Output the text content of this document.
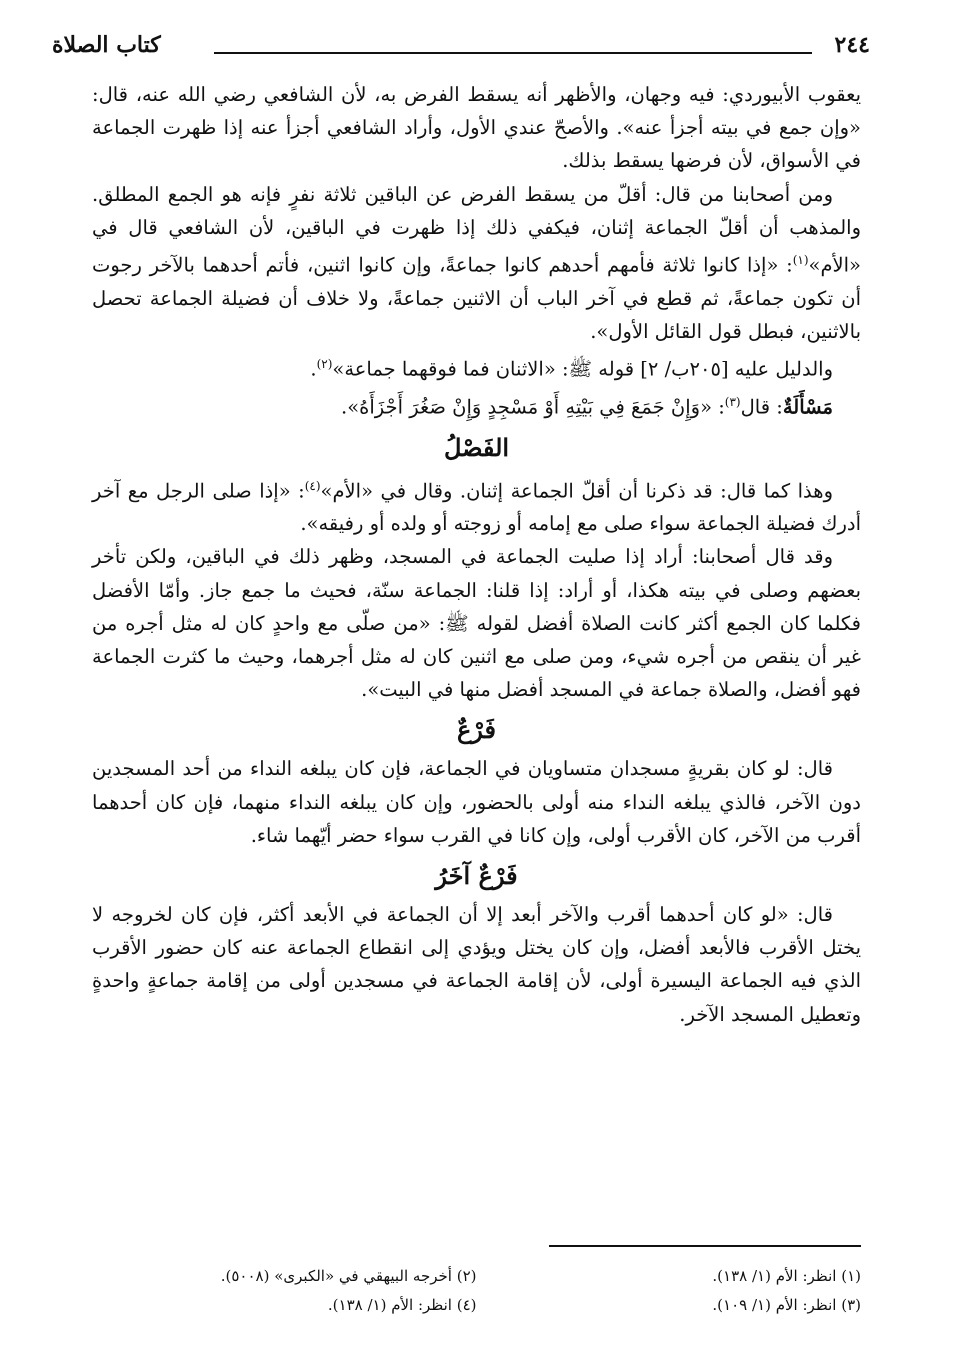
٢٤٤
كتاب الصلاة

يعقوب الأبيوردي: فيه وجهان، والأظهر أنه يسقط الفرض به، لأن الشافعي رضي الله عنه، قال: «وإن جمع في بيته أجزأ عنه». والأصحّ عندي الأول، وأراد الشافعي أجزأ عنه إذا ظهرت الجماعة في الأسواق، لأن فرضها يسقط بذلك.

ومن أصحابنا من قال: أقلّ من يسقط الفرض عن الباقين ثلاثة نفرٍ فإنه هو الجمع المطلق. والمذهب أن أقلّ الجماعة إثنان، فيكفي ذلك إذا ظهرت في الباقين، لأن الشافعي قال في «الأم»$^{(١)}$: «إذا كانوا ثلاثة فأمهم أحدهم كانوا جماعةً، وإن كانوا اثنين، فأتم أحدهما بالآخر رجوت أن تكون جماعةً، ثم قطع في آخر الباب أن الاثنين جماعةً، ولا خلاف أن فضيلة الجماعة تحصل بالاثنين، فبطل قول القائل الأول».

والدليل عليه [٢٠٥ب/ ٢] قوله ﷺ: «الاثنان فما فوقهما جماعة»$^{(٢)}$.

مَسْأَلَةٌ: قال$^{(٣)}$: «وَإِنْ جَمَعَ فِي بَيْتِهِ أَوْ مَسْجِدٍ وَإِنْ صَغُرَ أَجْزَأَهُ».

الفَصْلُ

وهذا كما قال: قد ذكرنا أن أقلّ الجماعة إثنان. وقال في «الأم»$^{(٤)}$: «إذا صلى الرجل مع آخر أدرك فضيلة الجماعة سواء صلى مع إمامه أو زوجته أو ولده أو رفيقه».

وقد قال أصحابنا: أراد إذا صليت الجماعة في المسجد، وظهر ذلك في الباقين، ولكن تأخر بعضهم وصلى في بيته هكذا، أو أراد: إذا قلنا: الجماعة سنّة، فحيث ما جمع جاز. وأمّا الأفضل فكلما كان الجمع أكثر كانت الصلاة أفضل لقوله ﷺ: «من صلّى مع واحدٍ كان له مثل أجره من غير أن ينقص من أجره شيء، ومن صلى مع اثنين كان له مثل أجرهما، وحيث ما كثرت الجماعة فهو أفضل، والصلاة جماعة في المسجد أفضل منها في البيت».

فَرْعٌ

قال: لو كان بقريةٍ مسجدان متساويان في الجماعة، فإن كان يبلغه النداء من أحد المسجدين دون الآخر، فالذي يبلغه النداء منه أولى بالحضور، وإن كان يبلغه النداء منهما، فإن كان أحدهما أقرب من الآخر، كان الأقرب أولى، وإن كانا في القرب سواء حضر أيّهما شاء.

فَرْعٌ آخَرُ

قال: «لو كان أحدهما أقرب والآخر أبعد إلا أن الجماعة في الأبعد أكثر، فإن كان لخروجه لا يختل الأقرب فالأبعد أفضل، وإن كان يختل ويؤدي إلى انقطاع الجماعة عنه كان حضور الأقرب الذي فيه الجماعة اليسيرة أولى، لأن إقامة الجماعة في مسجدين أولى من إقامة جماعةٍ واحدةٍ وتعطيل المسجد الآخر.

(١) انظر: الأم (١/ ١٣٨).
(٢) أخرجه البيهقي في «الكبرى» (٥٠٠٨).
(٣) انظر: الأم (١/ ١٠٩).
(٤) انظر: الأم (١/ ١٣٨).
